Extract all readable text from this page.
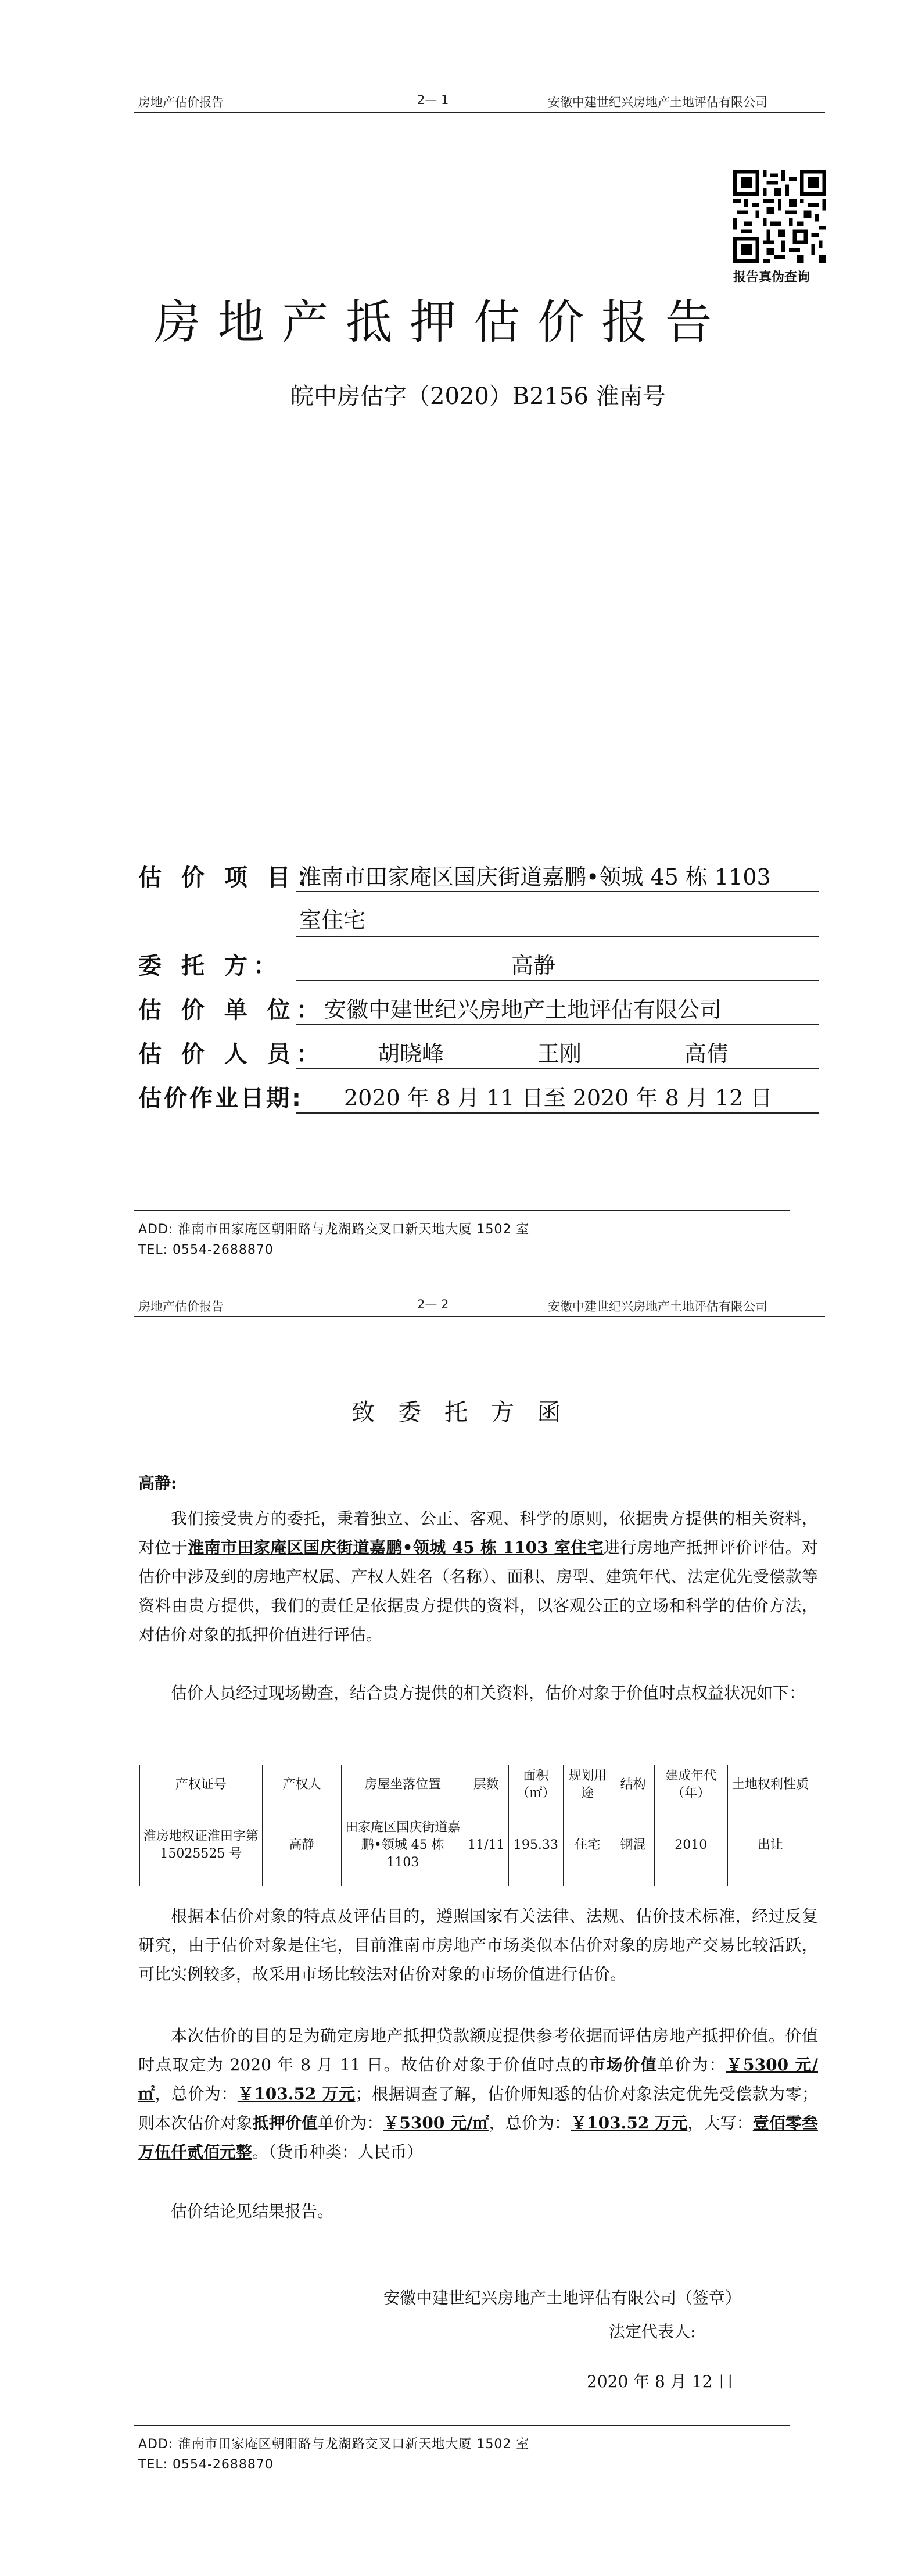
房地产估价报告	2— 1	安徽中建世纪兴房地产土地评估有限公司
报告真伪查询
房地产抵押估价报告
皖中房估字（2020）B2156 淮南号
估 价 项 目：
淮南市田家庵区国庆街道嘉鹏•领城 45 栋 1103
室住宅
委 托 方：	高静
估 价 单 位：
安徽中建世纪兴房地产土地评估有限公司
估 价 人 员： 胡晓峰	王刚	高倩
估价作业日期: 2020 年 8 月 11 日至 2020 年 8 月 12 日
ADD: 淮南市田家庵区朝阳路与龙湖路交叉口新天地大厦 1502 室
TEL: 0554-2688870
房地产估价报告	2— 2	安徽中建世纪兴房地产土地评估有限公司
致委托方函
高静:
我们接受贵方的委托，秉着独立、公正、客观、科学的原则，依据贵方提供的相关资料，对位于淮南市田家庵区国庆街道嘉鹏•领城 45 栋 1103 室住宅进行房地产抵押评价评估。对估价中涉及到的房地产权属、产权人姓名（名称）、面积、房型、建筑年代、法定优先受偿款等资料由贵方提供，我们的责任是依据贵方提供的资料，以客观公正的立场和科学的估价方法，对估价对象的抵押价值进行评估。
估价人员经过现场勘查，结合贵方提供的相关资料，估价对象于价值时点权益状况如下：
产权证号	产权人	房屋坐落位置	层数	面积（㎡）	规划用途	结构	建成年代（年）	土地权利性质
淮房地权证淮田字第 15025525 号	高静	田家庵区国庆街道嘉鹏•领城 45 栋 1103	11/11	195.33	住宅	钢混	2010	出让
根据本估价对象的特点及评估目的，遵照国家有关法律、法规、估价技术标准，经过反复研究，由于估价对象是住宅，目前淮南市房地产市场类似本估价对象的房地产交易比较活跃，可比实例较多，故采用市场比较法对估价对象的市场价值进行估价。
本次估价的目的是为确定房地产抵押贷款额度提供参考依据而评估房地产抵押价值。价值时点取定为 2020 年 8 月 11 日。故估价对象于价值时点的市场价值单价为：￥5300 元/㎡，总价为：￥103.52 万元；根据调查了解，估价师知悉的估价对象法定优先受偿款为零；则本次估价对象抵押价值单价为：￥5300 元/㎡，总价为：￥103.52 万元，大写：壹佰零叁万伍仟贰佰元整。（货币种类：人民币）
估价结论见结果报告。
安徽中建世纪兴房地产土地评估有限公司（签章）
法定代表人:
2020 年 8 月 12 日
ADD: 淮南市田家庵区朝阳路与龙湖路交叉口新天地大厦 1502 室
TEL: 0554-2688870
